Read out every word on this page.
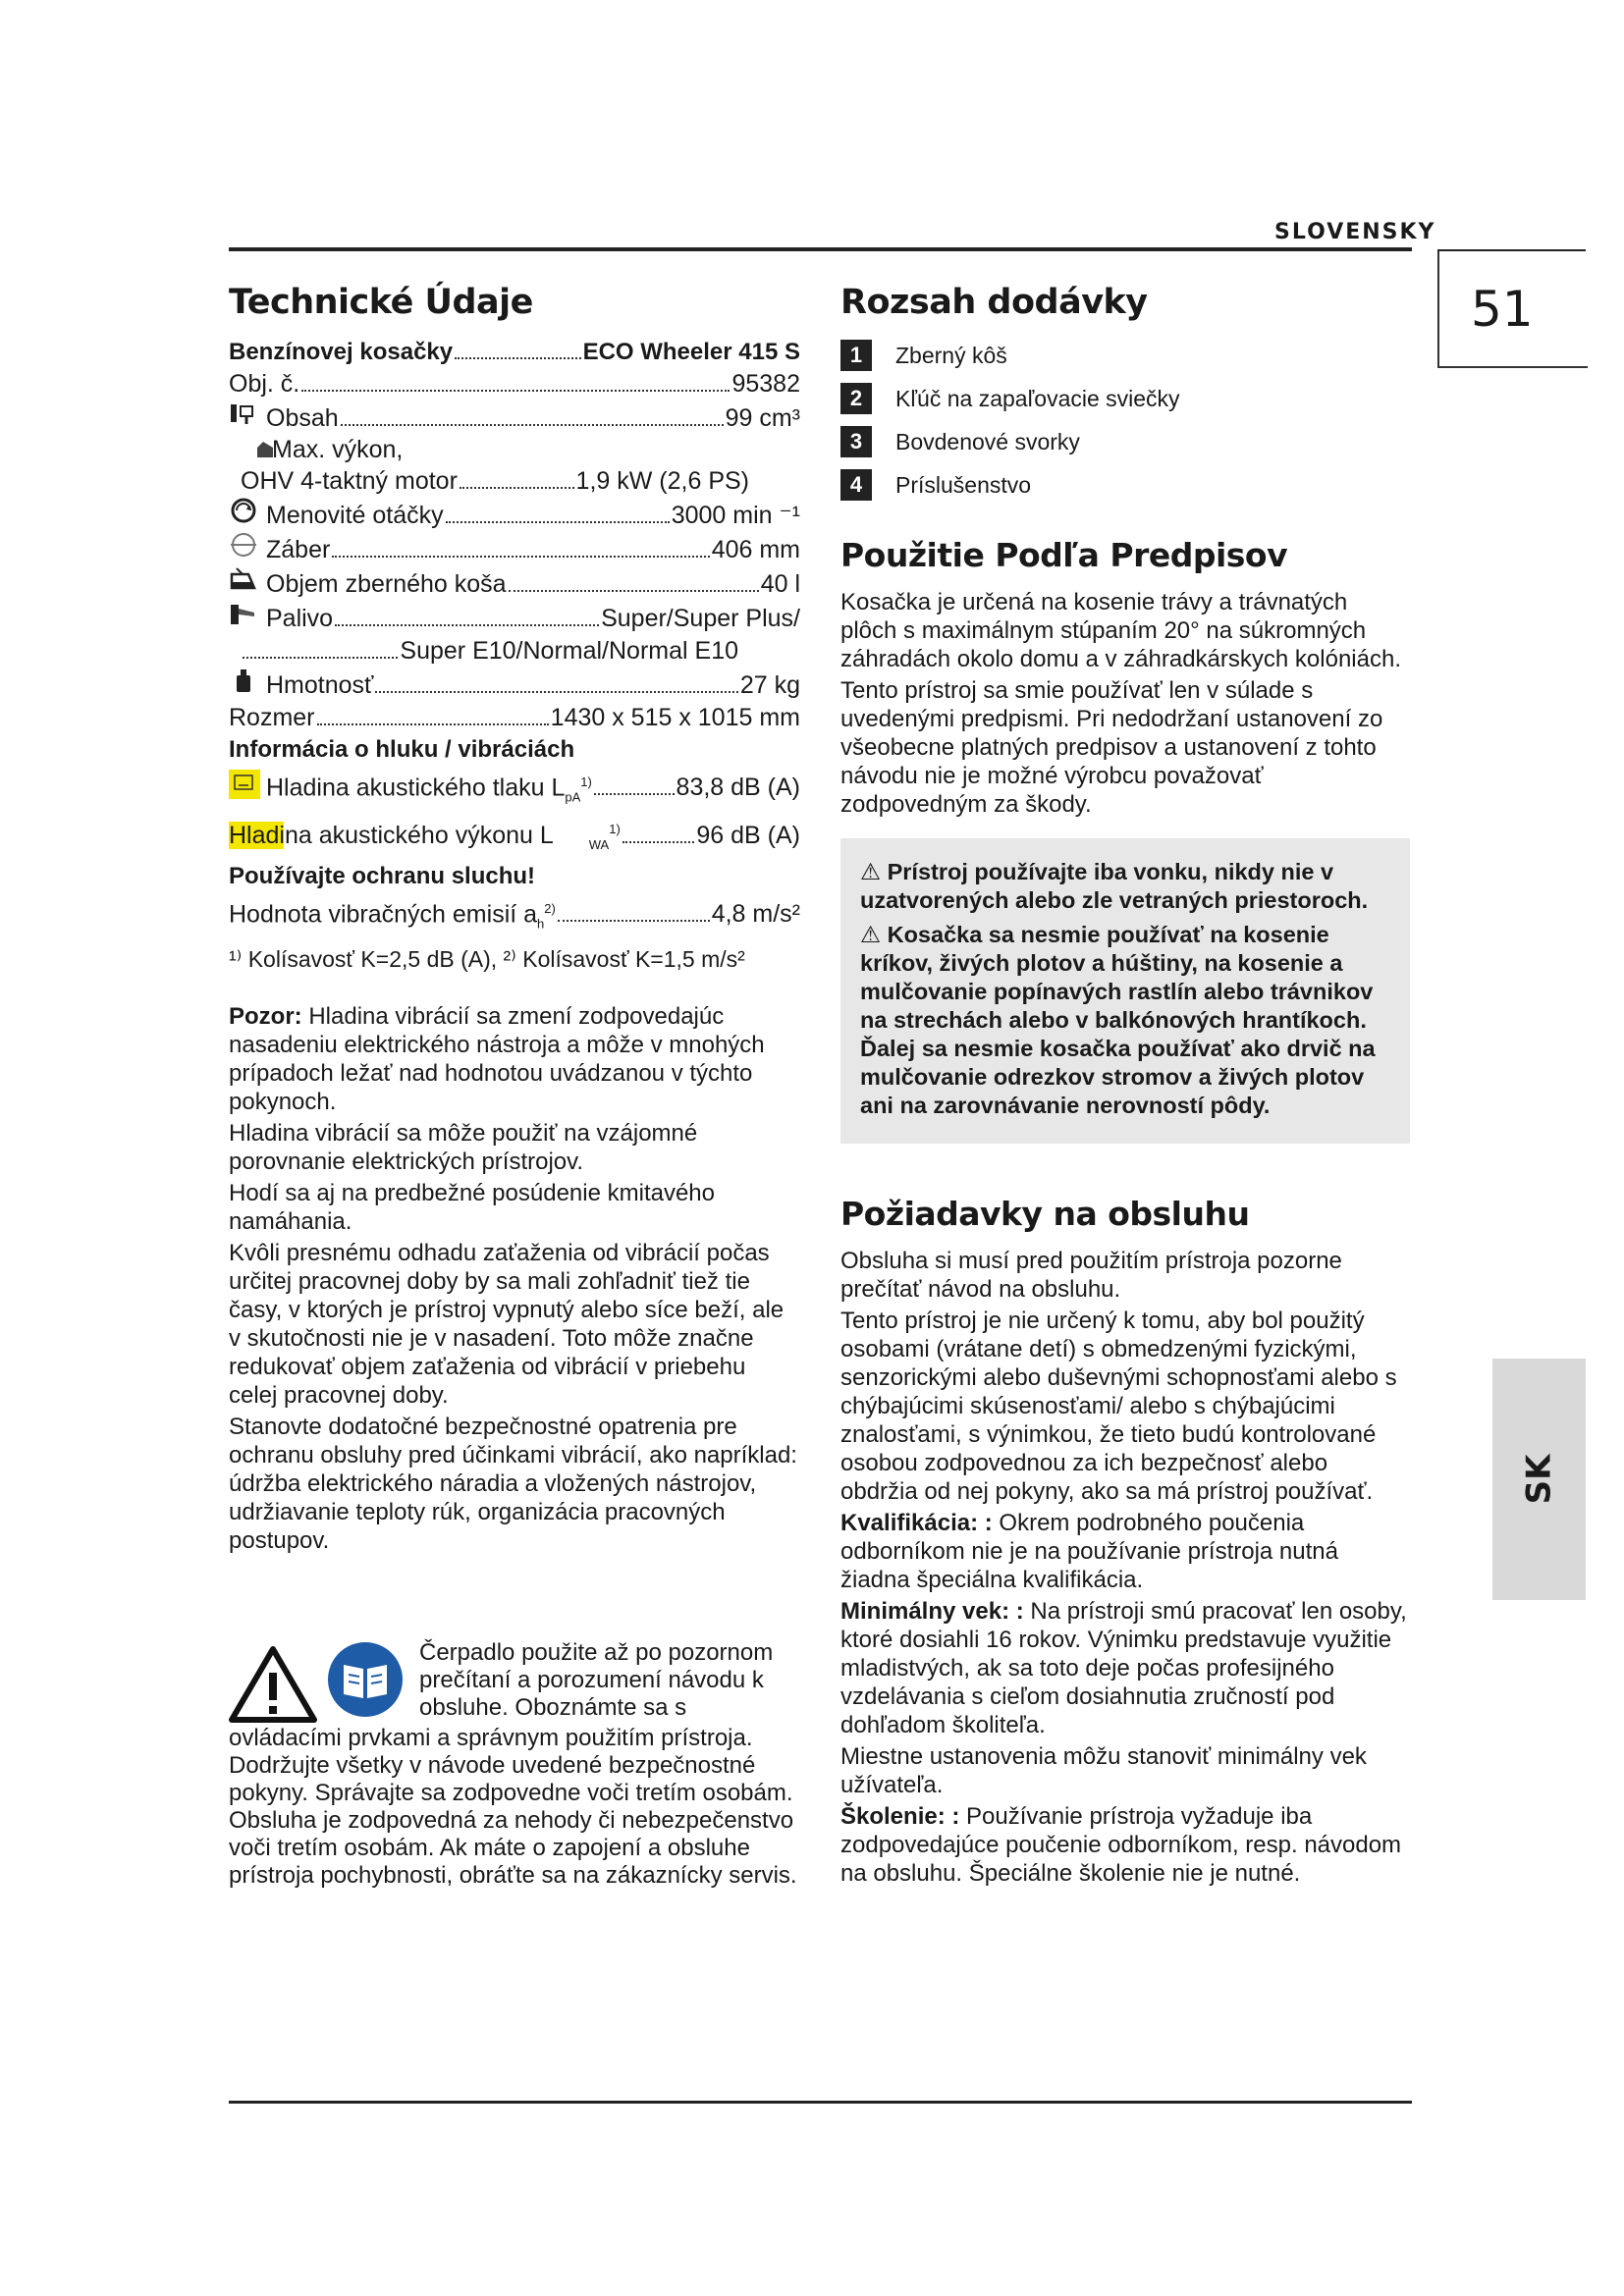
SLOVENSKY
51
SK
Technické Údaje
Benzínovej kosačky	ECO Wheeler 415 S
Obj. č.	95382
Obsah	99 cm³
Max. výkon,
OHV 4-taktný motor	1,9 kW (2,6 PS)
Menovité otáčky	3000 min ⁻¹
Záber	406 mm
Objem zberného koša	40 l
Palivo	Super/Super Plus/
Super E10/Normal/Normal E10
Hmotnosť	27 kg
Rozmer	1430 x 515 x 1015 mm
Informácia o hluku / vibráciách
Hladina akustického tlaku $L_{pA}^{1)}$	83,8 dB (A)
Hladina akustického výkonu L	$_{WA}^{1)}$	96 dB (A)
Používajte ochranu sluchu!
Hodnota vibračných emisií $a_h^{2)}$	4,8 m/s²
¹⁾ Kolísavosť K=2,5 dB (A), ²⁾ Kolísavosť K=1,5 m/s²

Pozor: Hladina vibrácií sa zmení zodpovedajúc nasadeniu elektrického nástroja a môže v mnohých prípadoch ležať nad hodnotou uvádzanou v týchto pokynoch.

Hladina vibrácií sa môže použiť na vzájomné porovnanie elektrických prístrojov.

Hodí sa aj na predbežné posúdenie kmitavého namáhania.

Kvôli presnému odhadu zaťaženia od vibrácií počas určitej pracovnej doby by sa mali zohľadniť tiež tie časy, v ktorých je prístroj vypnutý alebo síce beží, ale v skutočnosti nie je v nasadení. Toto môže značne redukovať objem zaťaženia od vibrácií v priebehu celej pracovnej doby.

Stanovte dodatočné bezpečnostné opatrenia pre ochranu obsluhy pred účinkami vibrácií, ako napríklad: údržba elektrického náradia a vložených nástrojov, udržiavanie teploty rúk, organizácia pracovných postupov.

Čerpadlo použite až po pozornom prečítaní a porozumení návodu k obsluhe. Oboznámte sa s

ovládacími prvkami a správnym použitím prístroja. Dodržujte všetky v návode uvedené bezpečnostné pokyny. Správajte sa zodpovedne voči tretím osobám. Obsluha je zodpovedná za nehody či nebezpečenstvo voči tretím osobám. Ak máte o zapojení a obsluhe prístroja pochybnosti, obráťte sa na zákaznícky servis.

Rozsah dodávky
1	Zberný kôš
2	Kľúč na zapaľovacie sviečky
3	Bovdenové svorky
4	Príslušenstvo
Použitie Podľa Predpisov

Kosačka je určená na kosenie trávy a trávnatých plôch s maximálnym stúpaním 20° na súkromných záhradách okolo domu a v záhradkárskych kolóniách.

Tento prístroj sa smie používať len v súlade s uvedenými predpismi. Pri nedodržaní ustanovení zo všeobecne platných predpisov a ustanovení z tohto návodu nie je možné výrobcu považovať zodpovedným za škody.

⚠ Prístroj používajte iba vonku, nikdy nie v uzatvorených alebo zle vetraných priestoroch.

⚠ Kosačka sa nesmie používať na kosenie kríkov, živých plotov a húštiny, na kosenie a mulčovanie popínavých rastlín alebo trávnikov na strechách alebo v balkónových hrantíkoch. Ďalej sa nesmie kosačka používať ako drvič na mulčovanie odrezkov stromov a živých plotov ani na zarovnávanie nerovností pôdy.

Požiadavky na obsluhu

Obsluha si musí pred použitím prístroja pozorne prečítať návod na obsluhu.

Tento prístroj je nie určený k tomu, aby bol použitý osobami (vrátane detí) s obmedzenými fyzickými, senzorickými alebo duševnými schopnosťami alebo s chýbajúcimi skúsenosťami/ alebo s chýbajúcimi znalosťami, s výnimkou, že tieto budú kontrolované osobou zodpovednou za ich bezpečnosť alebo obdržia od nej pokyny, ako sa má prístroj používať.

Kvalifikácia: : Okrem podrobného poučenia odborníkom nie je na používanie prístroja nutná žiadna špeciálna kvalifikácia.

Minimálny vek: : Na prístroji smú pracovať len osoby, ktoré dosiahli 16 rokov. Výnimku predstavuje využitie mladistvých, ak sa toto deje počas profesijného vzdelávania s cieľom dosiahnutia zručností pod dohľadom školiteľa.

Miestne ustanovenia môžu stanoviť minimálny vek užívateľa.

Školenie: : Používanie prístroja vyžaduje iba zodpovedajúce poučenie odborníkom, resp. návodom na obsluhu. Špeciálne školenie nie je nutné.
